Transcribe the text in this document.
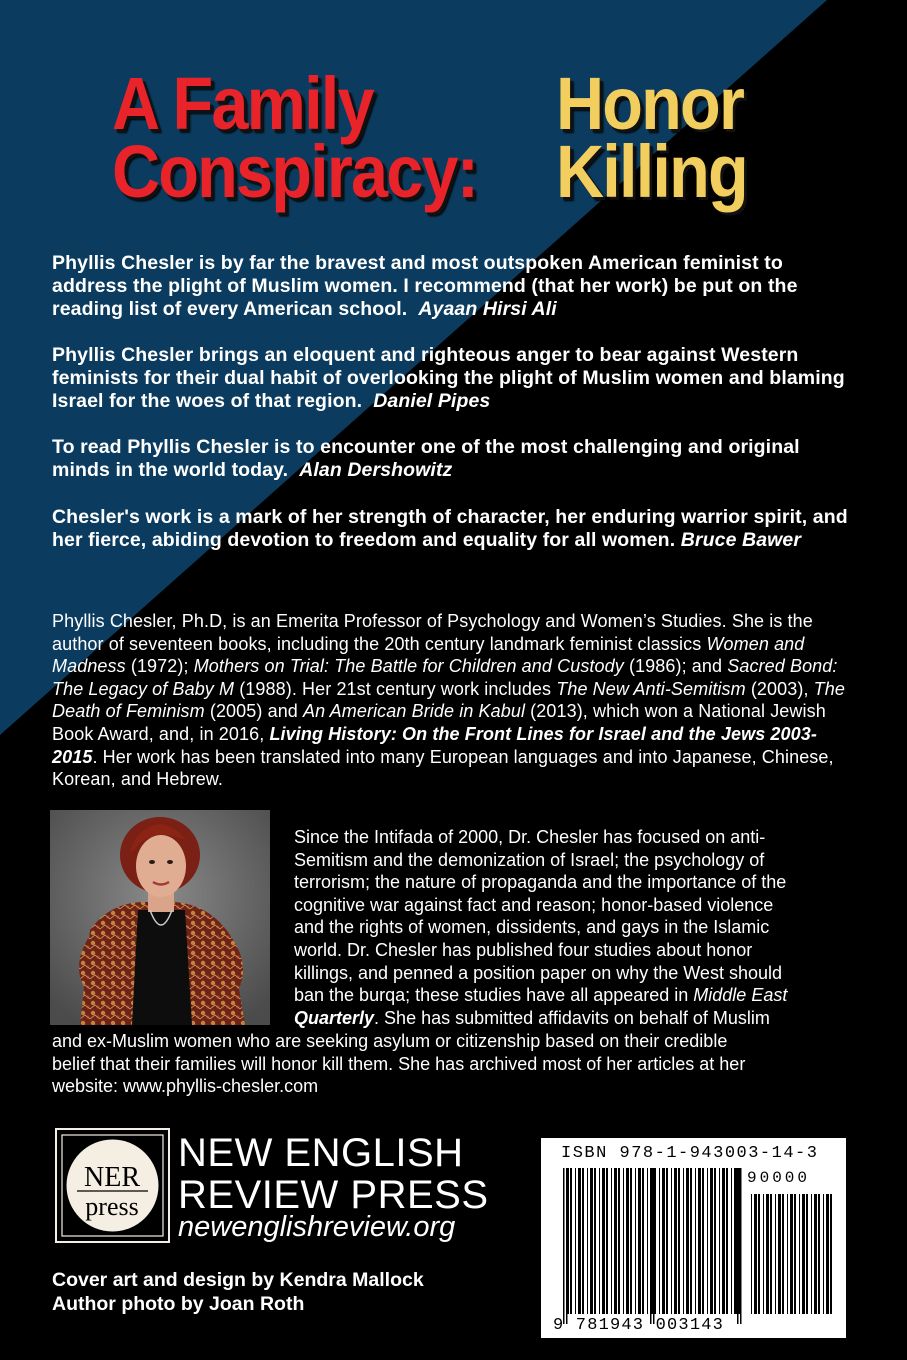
A Family
Conspiracy:
Honor
Killing
Phyllis Chesler is by far the bravest and most outspoken American feminist to address the plight of Muslim women. I recommend (that her work) be put on the reading list of every American school. Ayaan Hirsi Ali
Phyllis Chesler brings an eloquent and righteous anger to bear against Western feminists for their dual habit of overlooking the plight of Muslim women and blaming Israel for the woes of that region. Daniel Pipes
To read Phyllis Chesler is to encounter one of the most challenging and original minds in the world today. Alan Dershowitz
Chesler's work is a mark of her strength of character, her enduring warrior spirit, and her fierce, abiding devotion to freedom and equality for all women. Bruce Bawer
Phyllis Chesler, Ph.D, is an Emerita Professor of Psychology and Women’s Studies. She is the author of seventeen books, including the 20th century landmark feminist classics Women and Madness (1972); Mothers on Trial: The Battle for Children and Custody (1986); and Sacred Bond: The Legacy of Baby M (1988). Her 21st century work includes The New Anti-Semitism (2003), The Death of Feminism (2005) and An American Bride in Kabul (2013), which won a National Jewish Book Award, and, in 2016, Living History: On the Front Lines for Israel and the Jews 2003-2015. Her work has been translated into many European languages and into Japanese, Chinese, Korean, and Hebrew.
Since the Intifada of 2000, Dr. Chesler has focused on anti-
Semitism and the demonization of Israel; the psychology of
terrorism; the nature of propaganda and the importance of the
cognitive war against fact and reason; honor-based violence
and the rights of women, dissidents, and gays in the Islamic
world. Dr. Chesler has published four studies about honor
killings, and penned a position paper on why the West should
ban the burqa; these studies have all appeared in Middle East
Quarterly. She has submitted affidavits on behalf of Muslim
and ex-Muslim women who are seeking asylum or citizenship based on their credible
belief that their families will honor kill them. She has archived most of her articles at her
website: www.phyllis-chesler.com
NER
press
NEW ENGLISH
REVIEW PRESS
newenglishreview.org
Cover art and design by Kendra Mallock
Author photo by Joan Roth
ISBN 978-1-943003-14-3
90000
9 781943 003143
